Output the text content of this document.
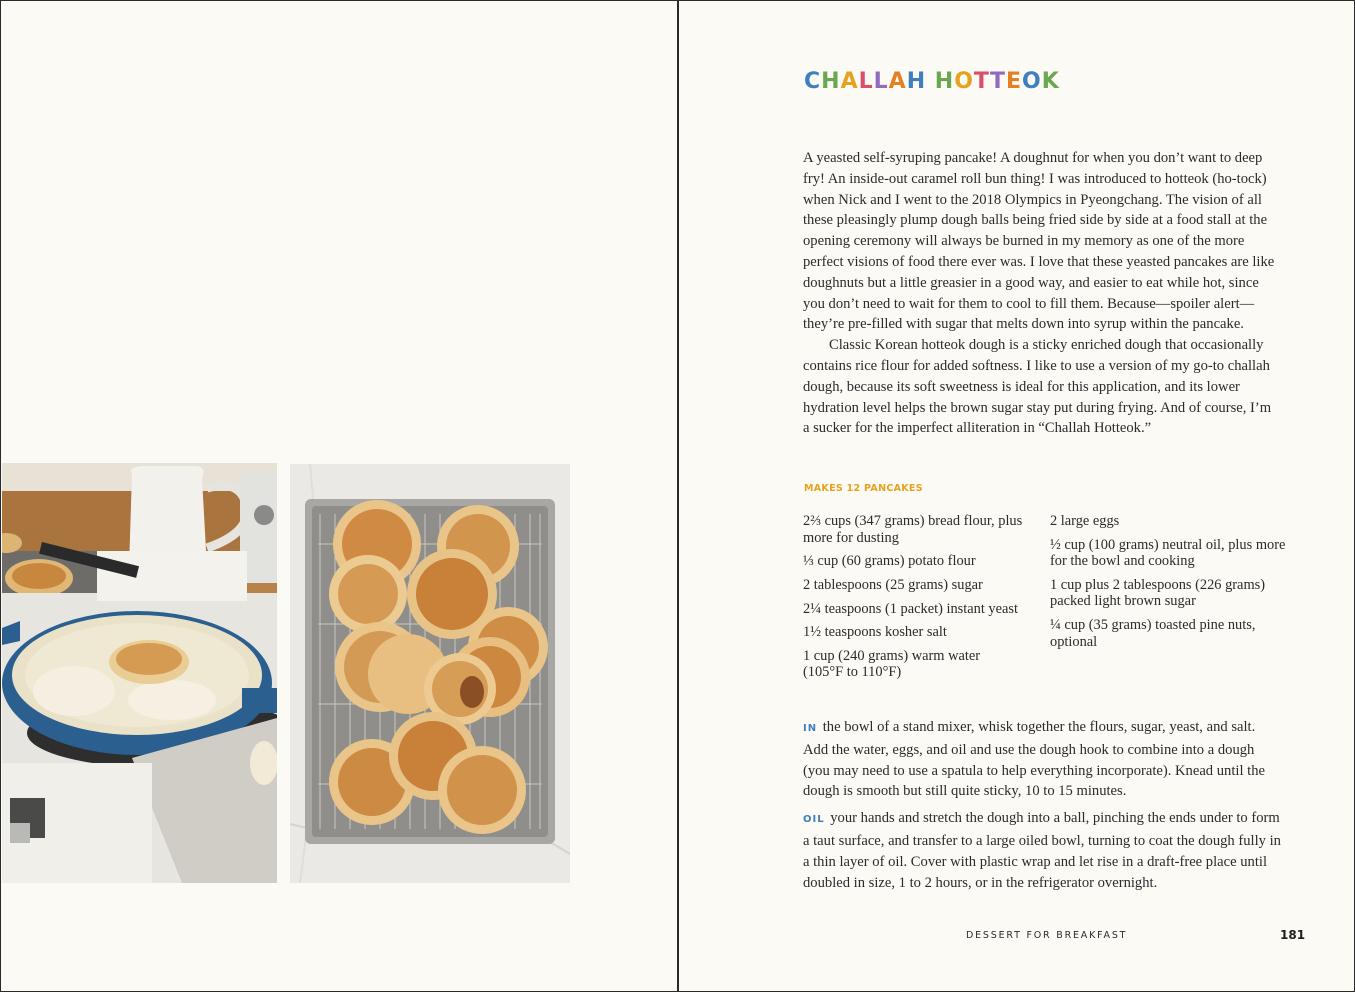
CHALLAH HOTTEOK

A yeasted self-syruping pancake! A doughnut for when you don’t want to deep fry! An inside-out caramel roll bun thing! I was introduced to hotteok (ho-tock) when Nick and I went to the 2018 Olympics in Pyeongchang. The vision of all these pleasingly plump dough balls being fried side by side at a food stall at the opening ceremony will always be burned in my memory as one of the more perfect visions of food there ever was. I love that these yeasted pancakes are like doughnuts but a little greasier in a good way, and easier to eat while hot, since you don’t need to wait for them to cool to fill them. Because—spoiler alert—they’re pre-filled with sugar that melts down into syrup within the pancake.

Classic Korean hotteok dough is a sticky enriched dough that occasionally contains rice flour for added softness. I like to use a version of my go-to challah dough, because its soft sweetness is ideal for this application, and its lower hydration level helps the brown sugar stay put during frying. And of course, I’m a sucker for the imperfect alliteration in “Challah Hotteok.”

MAKES 12 PANCAKES
2⅔ cups (347 grams) bread flour, plus more for dusting
⅓ cup (60 grams) potato flour
2 tablespoons (25 grams) sugar
2¼ teaspoons (1 packet) instant yeast
1½ teaspoons kosher salt
1 cup (240 grams) warm water (105°F to 110°F)
2 large eggs
½ cup (100 grams) neutral oil, plus more for the bowl and cooking
1 cup plus 2 tablespoons (226 grams) packed light brown sugar
¼ cup (35 grams) toasted pine nuts, optional

IN the bowl of a stand mixer, whisk together the flours, sugar, yeast, and salt. Add the water, eggs, and oil and use the dough hook to combine into a dough (you may need to use a spatula to help everything incorporate). Knead until the dough is smooth but still quite sticky, 10 to 15 minutes.

OIL your hands and stretch the dough into a ball, pinching the ends under to form a taut surface, and transfer to a large oiled bowl, turning to coat the dough fully in a thin layer of oil. Cover with plastic wrap and let rise in a draft-free place until doubled in size, 1 to 2 hours, or in the refrigerator overnight.

DESSERT FOR BREAKFAST	181
